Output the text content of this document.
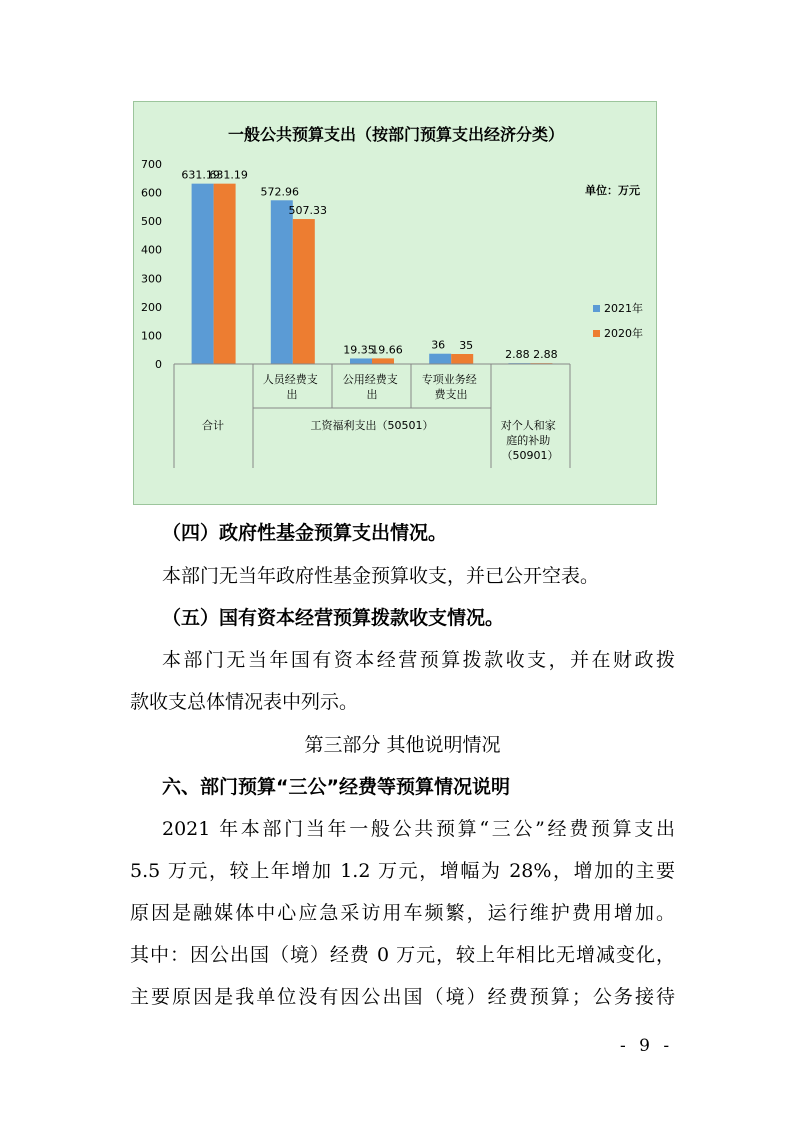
一般公共预算支出（按部门预算支出经济分类）
单位：万元
0
100
200
300
400
500
600
700
631.19
572.96
19.35	36
2.88
631.19
507.33
19.66	35
2.88
人员经费支 出
公用经费支 出
专项业务经 费支出
合计	工资福利支出（50501）	对个人和家 庭的补助 （50901）
2021年
2020年
（四）政府性基金预算支出情况。
本部门无当年政府性基金预算收支，并已公开空表。
（五）国有资本经营预算拨款收支情况。
本部门无当年国有资本经营预算拨款收支，并在财政拨
款收支总体情况表中列示。
第三部分 其他说明情况
六、部门预算“三公”经费等预算情况说明
2021 年本部门当年一般公共预算“三公”经费预算支出
5.5 万元，较上年增加 1.2 万元，增幅为 28%，增加的主要
原因是融媒体中心应急采访用车频繁，运行维护费用增加。
其中：因公出国（境）经费 0 万元，较上年相比无增减变化，
主要原因是我单位没有因公出国（境）经费预算；公务接待
- 9 -
